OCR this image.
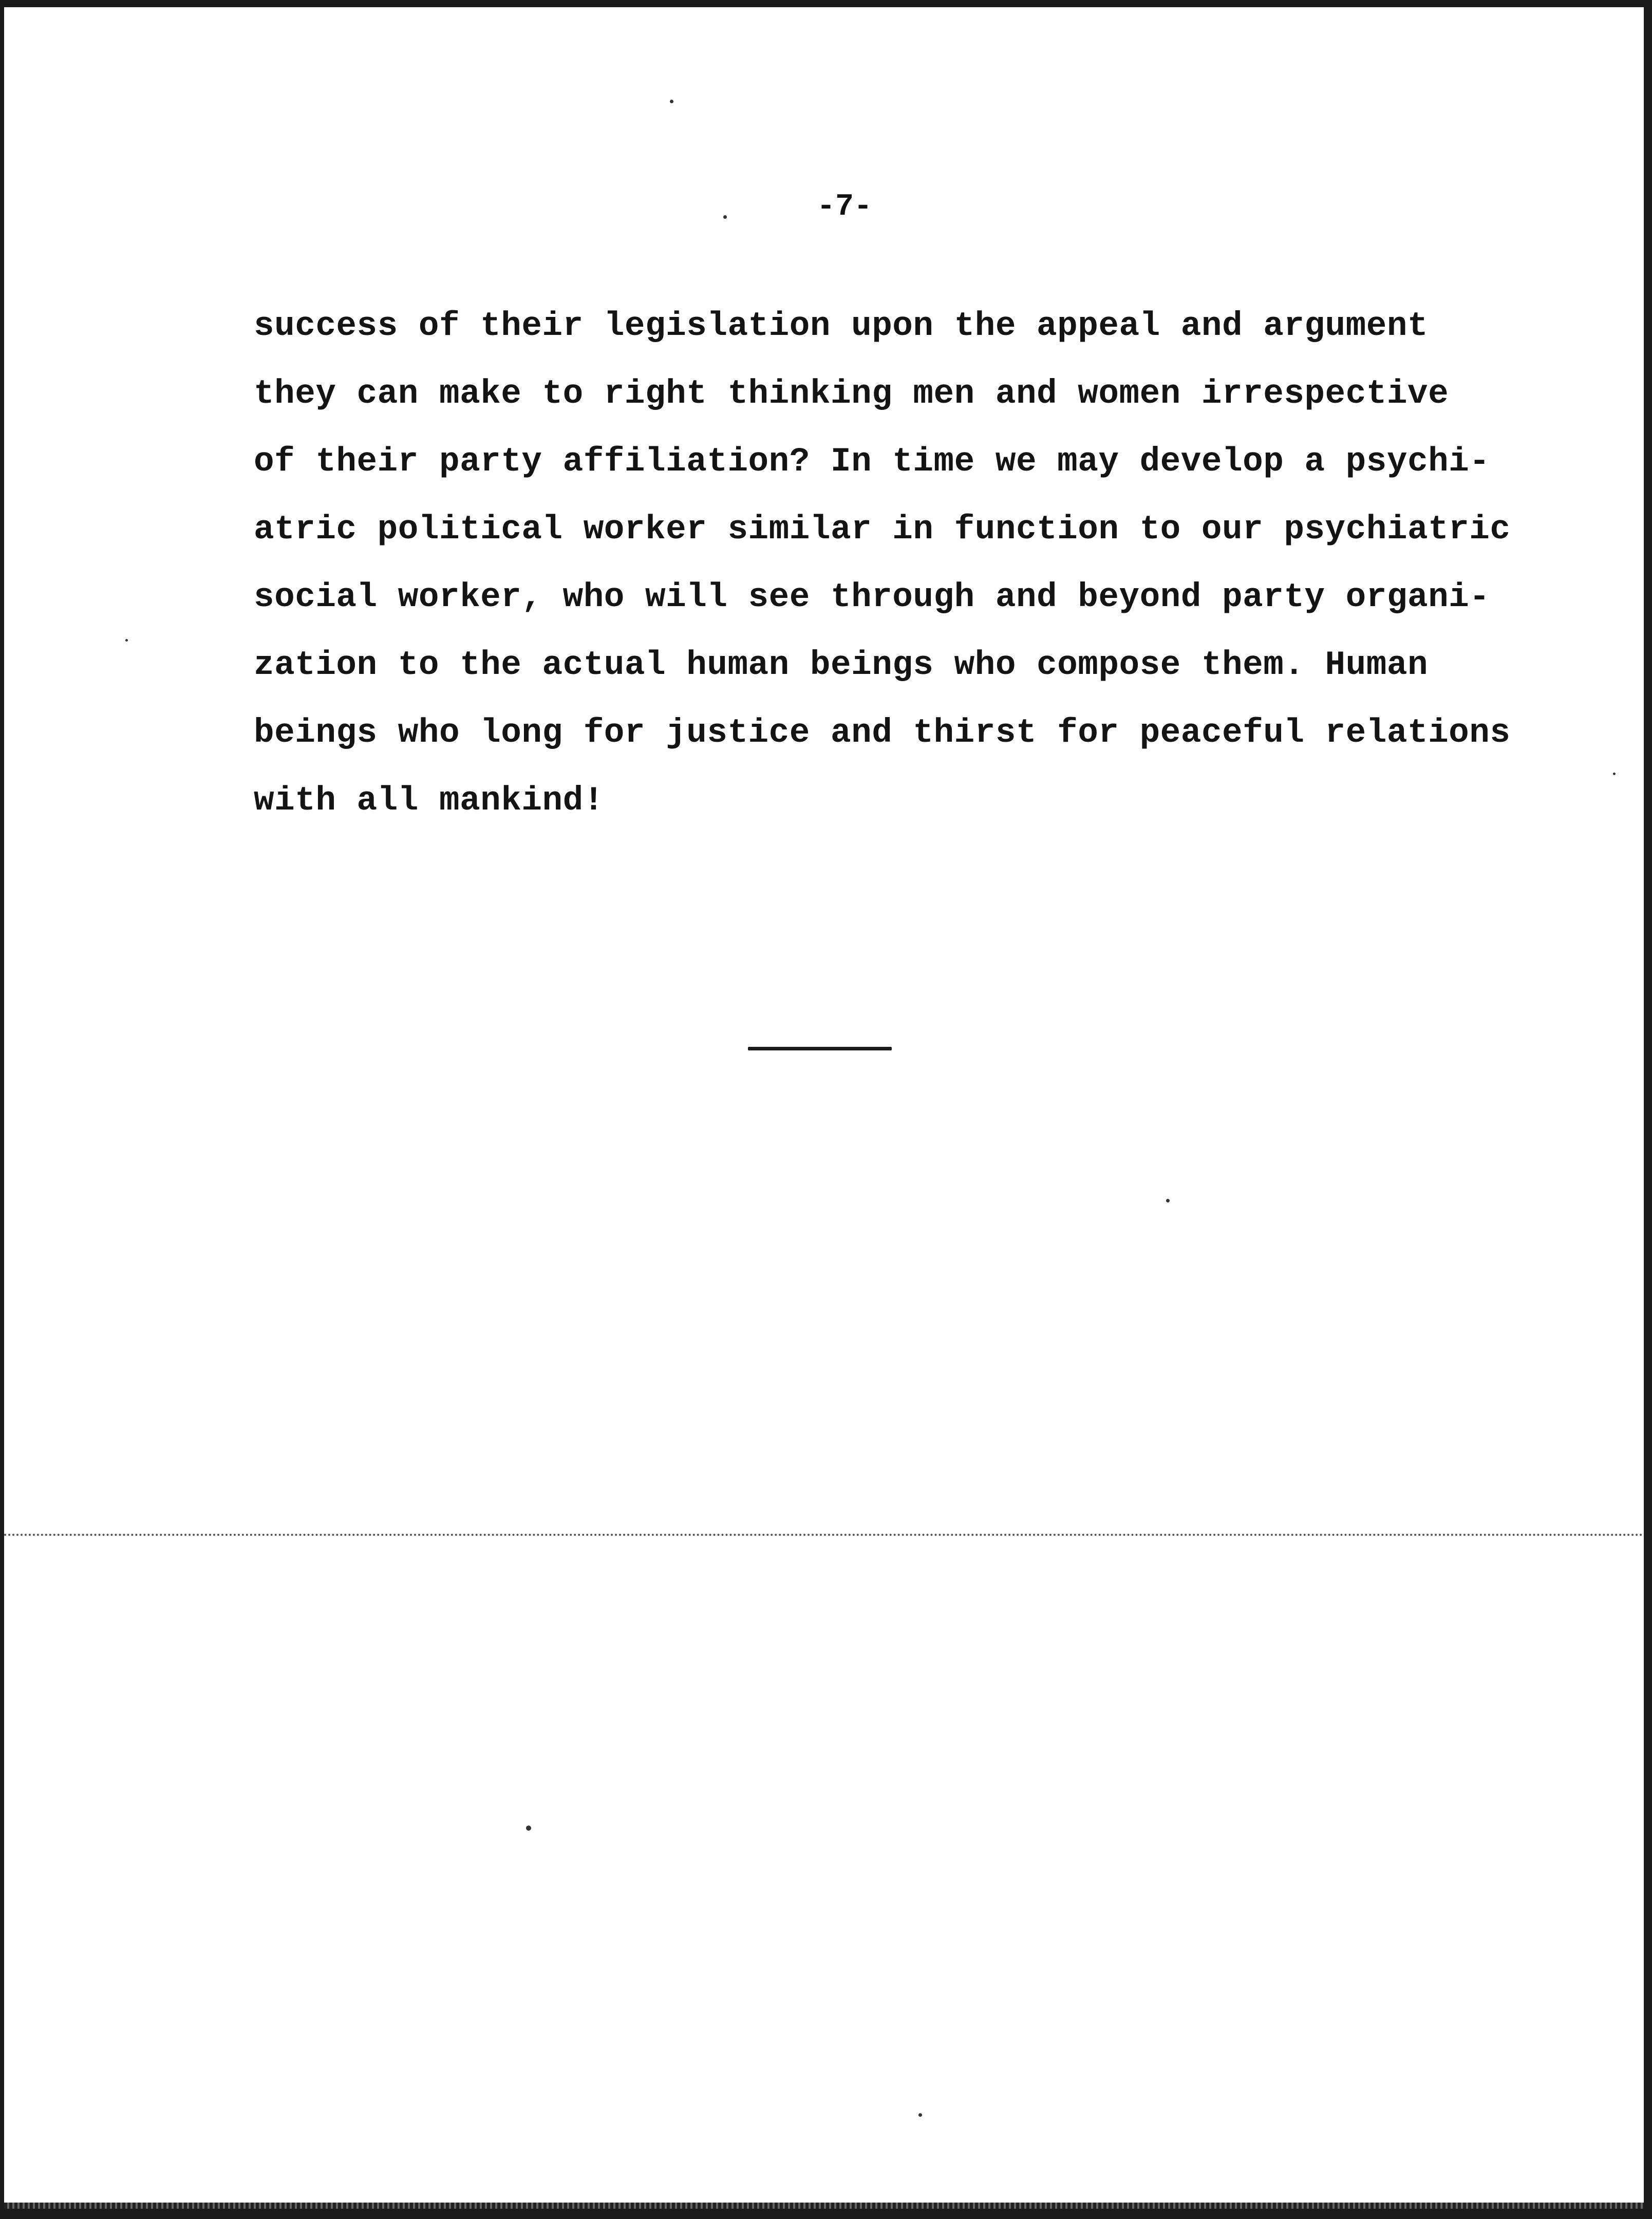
-7-
success of their legislation upon the appeal and argument
they can make to right thinking men and women irrespective
of their party affiliation? In time we may develop a psychi-
atric political worker similar in function to our psychiatric
social worker, who will see through and beyond party organi-
zation to the actual human beings who compose them. Human
beings who long for justice and thirst for peaceful relations
with all mankind!
